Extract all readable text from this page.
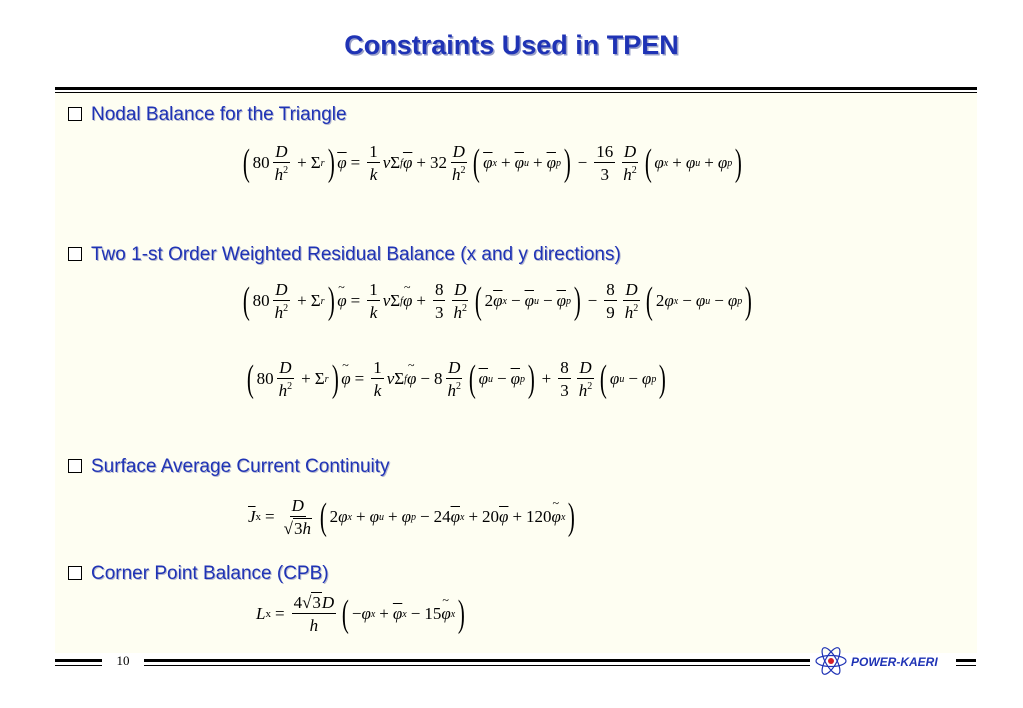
Constraints Used in TPEN
Nodal Balance for the Triangle
( $80 \frac{D}{h^2} + \Sigma$ r ) $\overline{\varphi} = \frac{1}{k}$ ν Σ f $\overline{\varphi} + 32 \frac{D}{h^2}$ ( $\overline{\varphi}$ $x + \overline{\varphi}$ $u + \overline{\varphi}$ p ) − $\frac{16}{3} \frac{D}{h^2}$ ( φ x + φ u + φ p )
Two 1-st Order Weighted Residual Balance (x and y directions)
( $80 \frac{D}{h^2} + \Sigma$ r ) ~ $\varphi = \frac{1}{k}$ ν Σ f ~ $\varphi + \frac{8}{3} \frac{D}{h^2}$ ( 2 $\overline{\varphi}$ $x - \overline{\varphi}$ $u - \overline{\varphi}$ p ) − $\frac{8}{9} \frac{D}{h^2}$ ( 2 φ x − φ u − φ p )
( $80 \frac{D}{h^2} + \Sigma$ r ) ~ $\varphi = \frac{1}{k}$ ν Σ f ~ $\varphi - 8 \frac{D}{h^2}$ ( $\overline{\varphi}$ $u - \overline{\varphi}$ p ) + $\frac{8}{3} \frac{D}{h^2}$ ( φ u − φ p )
Surface Average Current Continuity
$\overline{J}$ $x = \frac{D}{√3h}$ ( 2 φ x + φ u + φ p − 24 $\overline{\varphi}$ x + 20 $\overline{\varphi} + 120$ ~ φ x )
Corner Point Balance (CPB)
L $x = \frac{4√3D}{h}$ ( − φ $x + \overline{\varphi}$ x − 15 ~ φ x )
10	POWER-KAERI
